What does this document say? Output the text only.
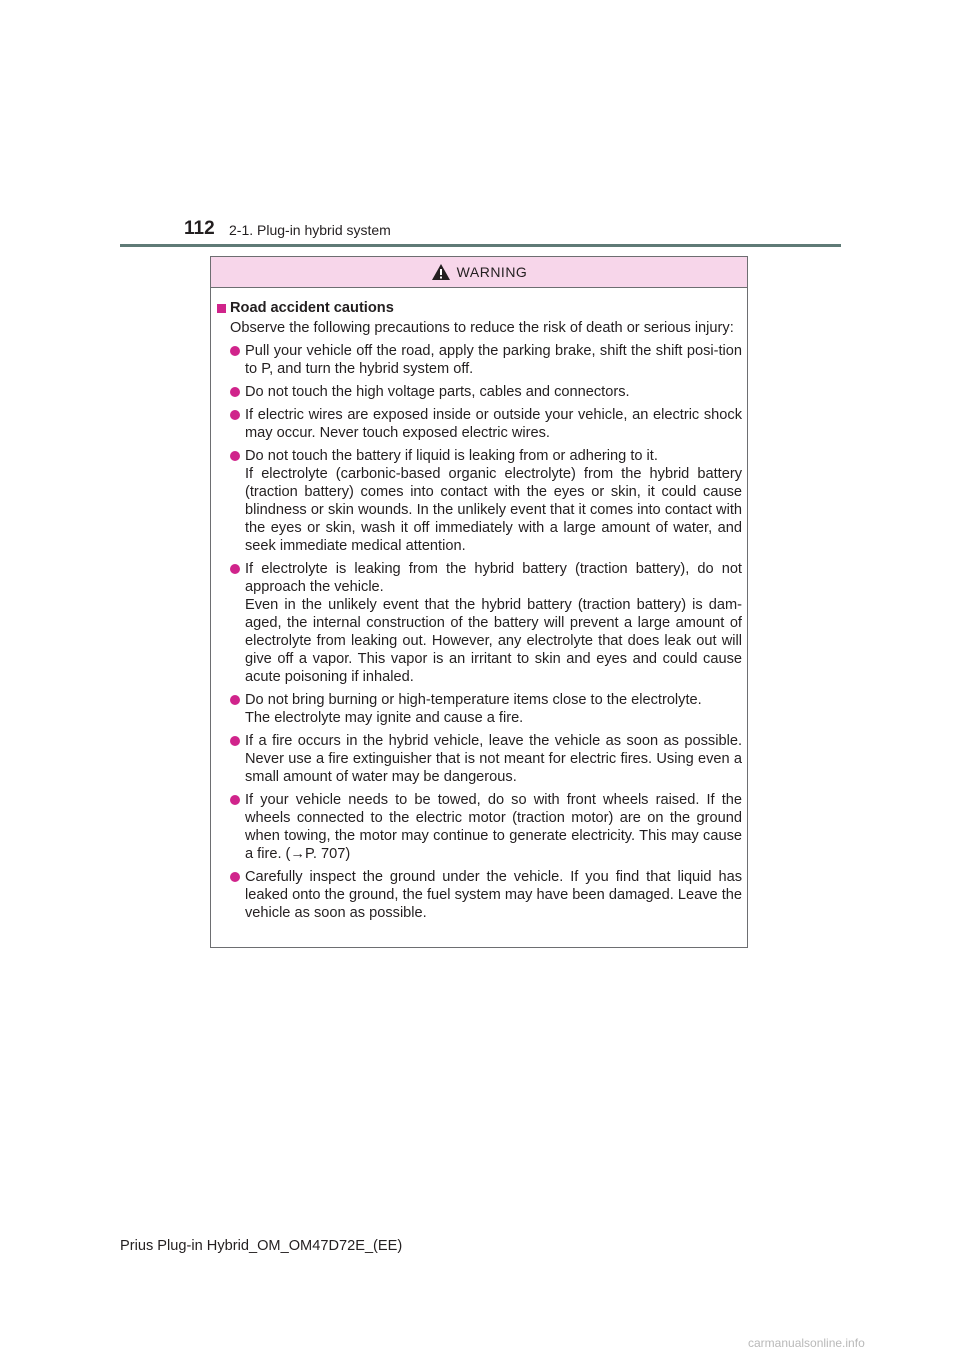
112 2-1. Plug-in hybrid system
WARNING
Road accident cautions

Observe the following precautions to reduce the risk of death or serious injury:

Pull your vehicle off the road, apply the parking brake, shift the shift posi-tion to P, and turn the hybrid system off.

Do not touch the high voltage parts, cables and connectors.

If electric wires are exposed inside or outside your vehicle, an electric shock may occur. Never touch exposed electric wires.

Do not touch the battery if liquid is leaking from or adhering to it.

If electrolyte (carbonic-based organic electrolyte) from the hybrid battery (traction battery) comes into contact with the eyes or skin, it could cause blindness or skin wounds. In the unlikely event that it comes into contact with the eyes or skin, wash it off immediately with a large amount of water, and seek immediate medical attention.

If electrolyte is leaking from the hybrid battery (traction battery), do not approach the vehicle.

Even in the unlikely event that the hybrid battery (traction battery) is dam-aged, the internal construction of the battery will prevent a large amount of electrolyte from leaking out. However, any electrolyte that does leak out will give off a vapor. This vapor is an irritant to skin and eyes and could cause acute poisoning if inhaled.

Do not bring burning or high-temperature items close to the electrolyte.

The electrolyte may ignite and cause a fire.

If a fire occurs in the hybrid vehicle, leave the vehicle as soon as possible. Never use a fire extinguisher that is not meant for electric fires. Using even a small amount of water may be dangerous.

If your vehicle needs to be towed, do so with front wheels raised. If the wheels connected to the electric motor (traction motor) are on the ground when towing, the motor may continue to generate electricity. This may cause a fire. (→P. 707)

Carefully inspect the ground under the vehicle. If you find that liquid has leaked onto the ground, the fuel system may have been damaged. Leave the vehicle as soon as possible.

Prius Plug-in Hybrid_OM_OM47D72E_(EE)
carmanualsonline.info
